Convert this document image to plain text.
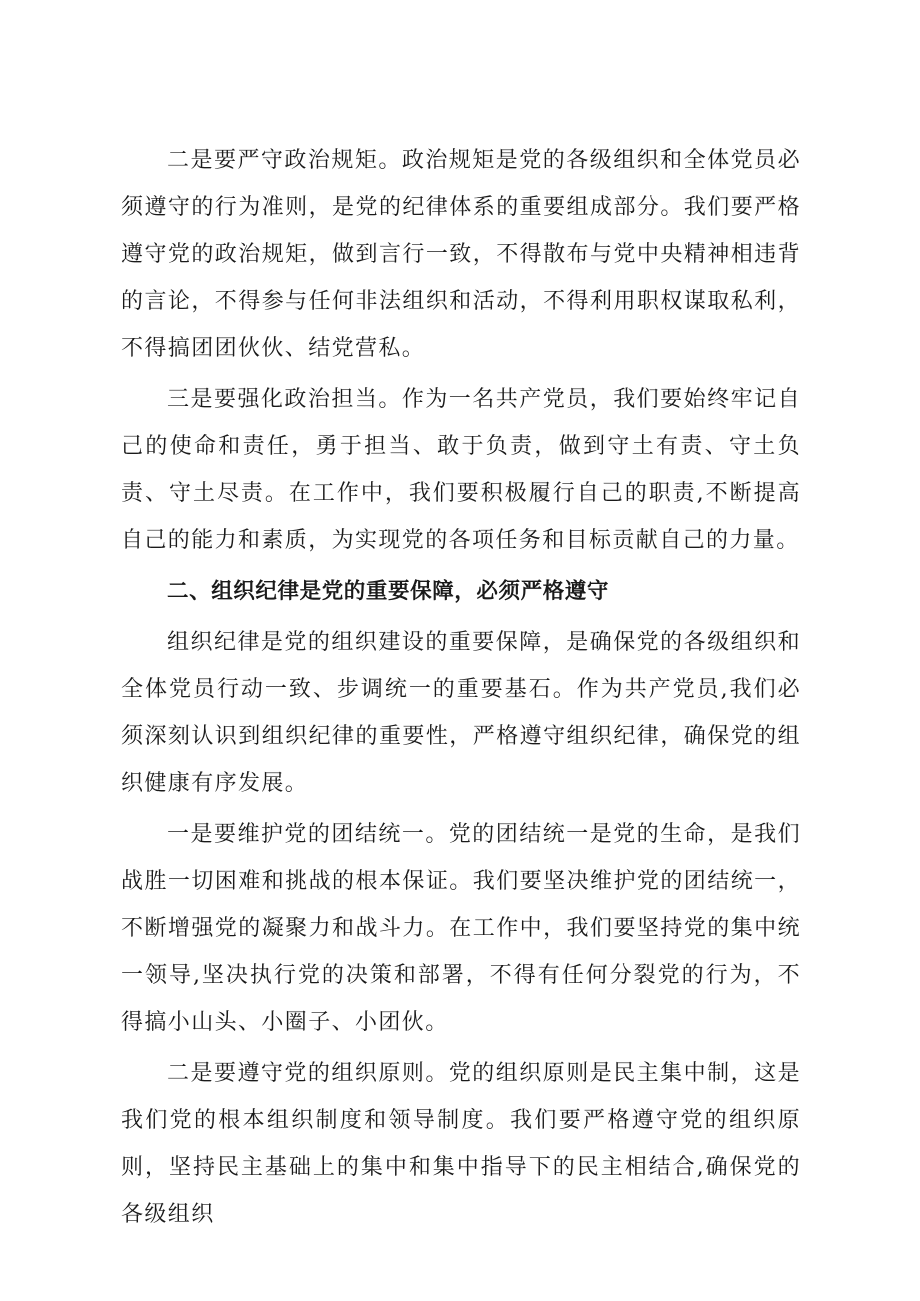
二是要严守政治规矩。政治规矩是党的各级组织和全体党员必须遵守的行为准则，是党的纪律体系的重要组成部分。我们要严格遵守党的政治规矩，做到言行一致，不得散布与党中央精神相违背的言论，不得参与任何非法组织和活动，不得利用职权谋取私利，不得搞团团伙伙、结党营私。

三是要强化政治担当。作为一名共产党员，我们要始终牢记自己的使命和责任，勇于担当、敢于负责，做到守土有责、守土负责、守土尽责。在工作中，我们要积极履行自己的职责,不断提高自己的能力和素质，为实现党的各项任务和目标贡献自己的力量。

二、组织纪律是党的重要保障，必须严格遵守

组织纪律是党的组织建设的重要保障，是确保党的各级组织和全体党员行动一致、步调统一的重要基石。作为共产党员,我们必须深刻认识到组织纪律的重要性，严格遵守组织纪律，确保党的组织健康有序发展。

一是要维护党的团结统一。党的团结统一是党的生命，是我们战胜一切困难和挑战的根本保证。我们要坚决维护党的团结统一，不断增强党的凝聚力和战斗力。在工作中，我们要坚持党的集中统一领导,坚决执行党的决策和部署，不得有任何分裂党的行为，不得搞小山头、小圈子、小团伙。

二是要遵守党的组织原则。党的组织原则是民主集中制，这是我们党的根本组织制度和领导制度。我们要严格遵守党的组织原则，坚持民主基础上的集中和集中指导下的民主相结合,确保党的各级组织
